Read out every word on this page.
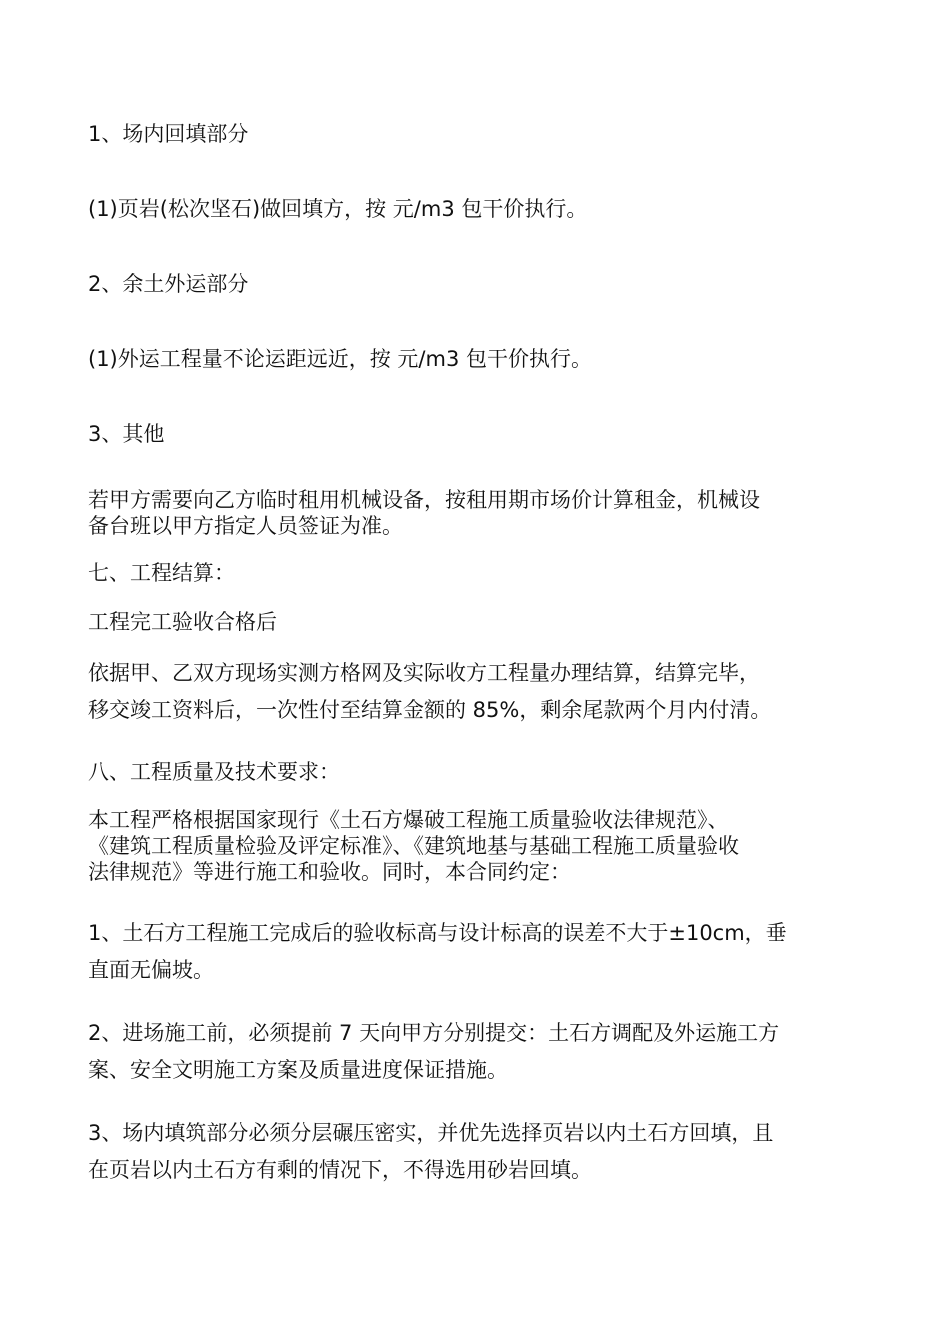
1、场内回填部分

(1)页岩(松次坚石)做回填方，按 元/m3 包干价执行。

2、余土外运部分

(1)外运工程量不论运距远近，按 元/m3 包干价执行。

3、其他

若甲方需要向乙方临时租用机械设备，按租用期市场价计算租金，机械设
备台班以甲方指定人员签证为准。

七、工程结算：

工程完工验收合格后

依据甲、乙双方现场实测方格网及实际收方工程量办理结算，结算完毕，
移交竣工资料后，一次性付至结算金额的 85%，剩余尾款两个月内付清。

八、工程质量及技术要求：

本工程严格根据国家现行《土石方爆破工程施工质量验收法律规范》、
《建筑工程质量检验及评定标准》、《建筑地基与基础工程施工质量验收
法律规范》等进行施工和验收。同时，本合同约定：

1、土石方工程施工完成后的验收标高与设计标高的误差不大于±10cm，垂
直面无偏坡。

2、进场施工前，必须提前 7 天向甲方分别提交：土石方调配及外运施工方
案、安全文明施工方案及质量进度保证措施。

3、场内填筑部分必须分层碾压密实，并优先选择页岩以内土石方回填，且
在页岩以内土石方有剩的情况下，不得选用砂岩回填。
